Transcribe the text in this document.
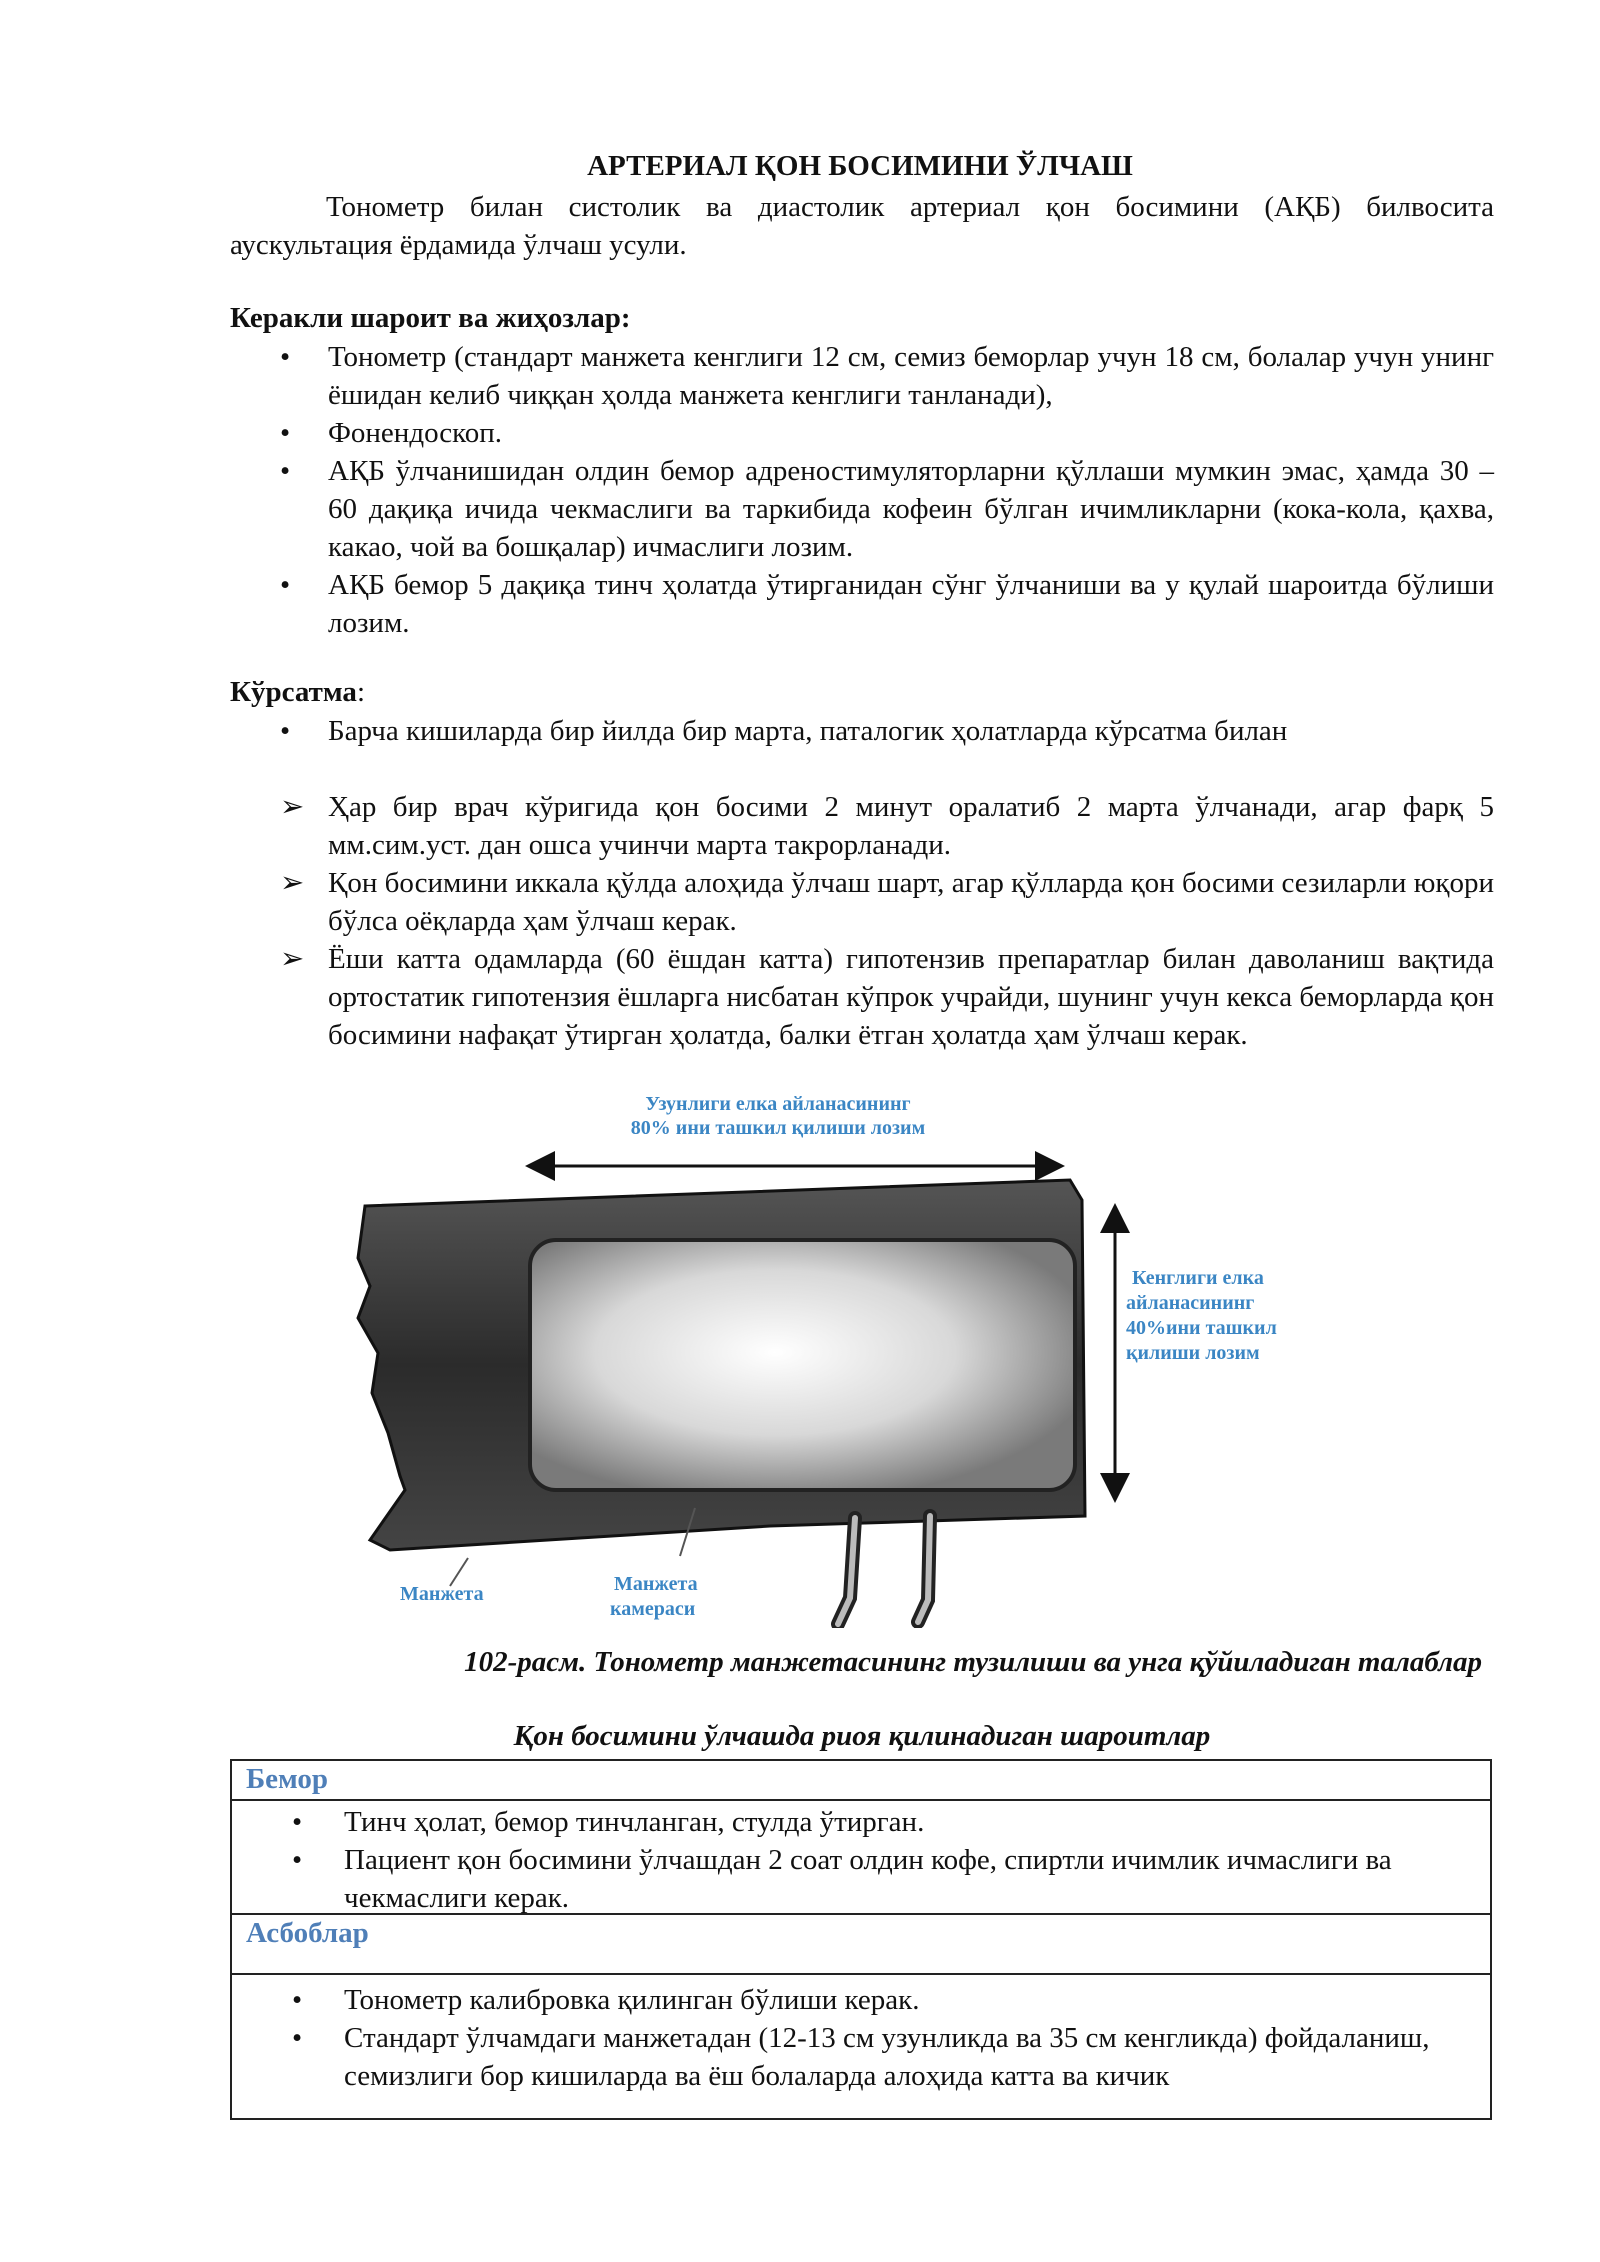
АРТЕРИАЛ ҚОН БОСИМИНИ ЎЛЧАШ
Тонометр билан систолик ва диастолик артериал қон босимини (АҚБ) билвосита аускультация ёрдамида ўлчаш усули.
Керакли шароит ва жиҳозлар:
•	Тонометр (стандарт манжета кенглиги 12 см, семиз беморлар учун 18 см, болалар учун унинг ёшидан келиб чиққан ҳолда манжета кенглиги танланади),
•	Фонендоскоп.
•	АҚБ ўлчанишидан олдин бемор адреностимуляторларни қўллаши мумкин эмас, ҳамда 30 – 60 дақиқа ичида чекмаслиги ва таркибида кофеин бўлган ичимликларни (кока-кола, қахва, какао, чой ва бошқалар) ичмаслиги лозим.
•	АҚБ бемор 5 дақиқа тинч ҳолатда ўтирганидан сўнг ўлчаниши ва у қулай шароитда бўлиши лозим.
Кўрсатма:
•	Барча кишиларда бир йилда бир марта, паталогик ҳолатларда кўрсатма билан
➢ Ҳар бир врач кўригида қон босими 2 минут оралатиб 2 марта ўлчанади, агар фарқ 5 мм.сим.уст. дан ошса учинчи марта такрорланади.
➢ Қон босимини иккала қўлда алоҳида ўлчаш шарт, агар қўлларда қон босими сезиларли юқори бўлса оёқларда ҳам ўлчаш керак.
➢ Ёши катта одамларда (60 ёшдан катта) гипотензив препаратлар билан даволаниш вақтида ортостатик гипотензия ёшларга нисбатан кўпрок учрайди, шунинг учун кекса беморларда қон босимини нафақат ўтирган ҳолатда, балки ётган ҳолатда ҳам ўлчаш керак.
Узунлиги елка айланасининг
80% ини ташкил қилиши лозим
Кенглиги елка
айланасининг
40%ини ташкил
қилиши лозим
Манжета	Манжета
камераси
102-расм. Тонометр манжетасининг тузилиши ва унга қўйиладиган талаблар
Қон босимини ўлчашда риоя қилинадиган шароитлар
Бемор
• Тинч ҳолат, бемор тинчланган, стулда ўтирган.
• Пациент қон босимини ўлчашдан 2 соат олдин кофе, спиртли ичимлик ичмаслиги ва чекмаслиги керак.
Асбоблар
• Тонометр калибровка қилинган бўлиши керак.
• Стандарт ўлчамдаги манжетадан (12-13 см узунликда ва 35 см кенгликда) фойдаланиш, семизлиги бор кишиларда ва ёш болаларда алоҳида катта ва кичик
